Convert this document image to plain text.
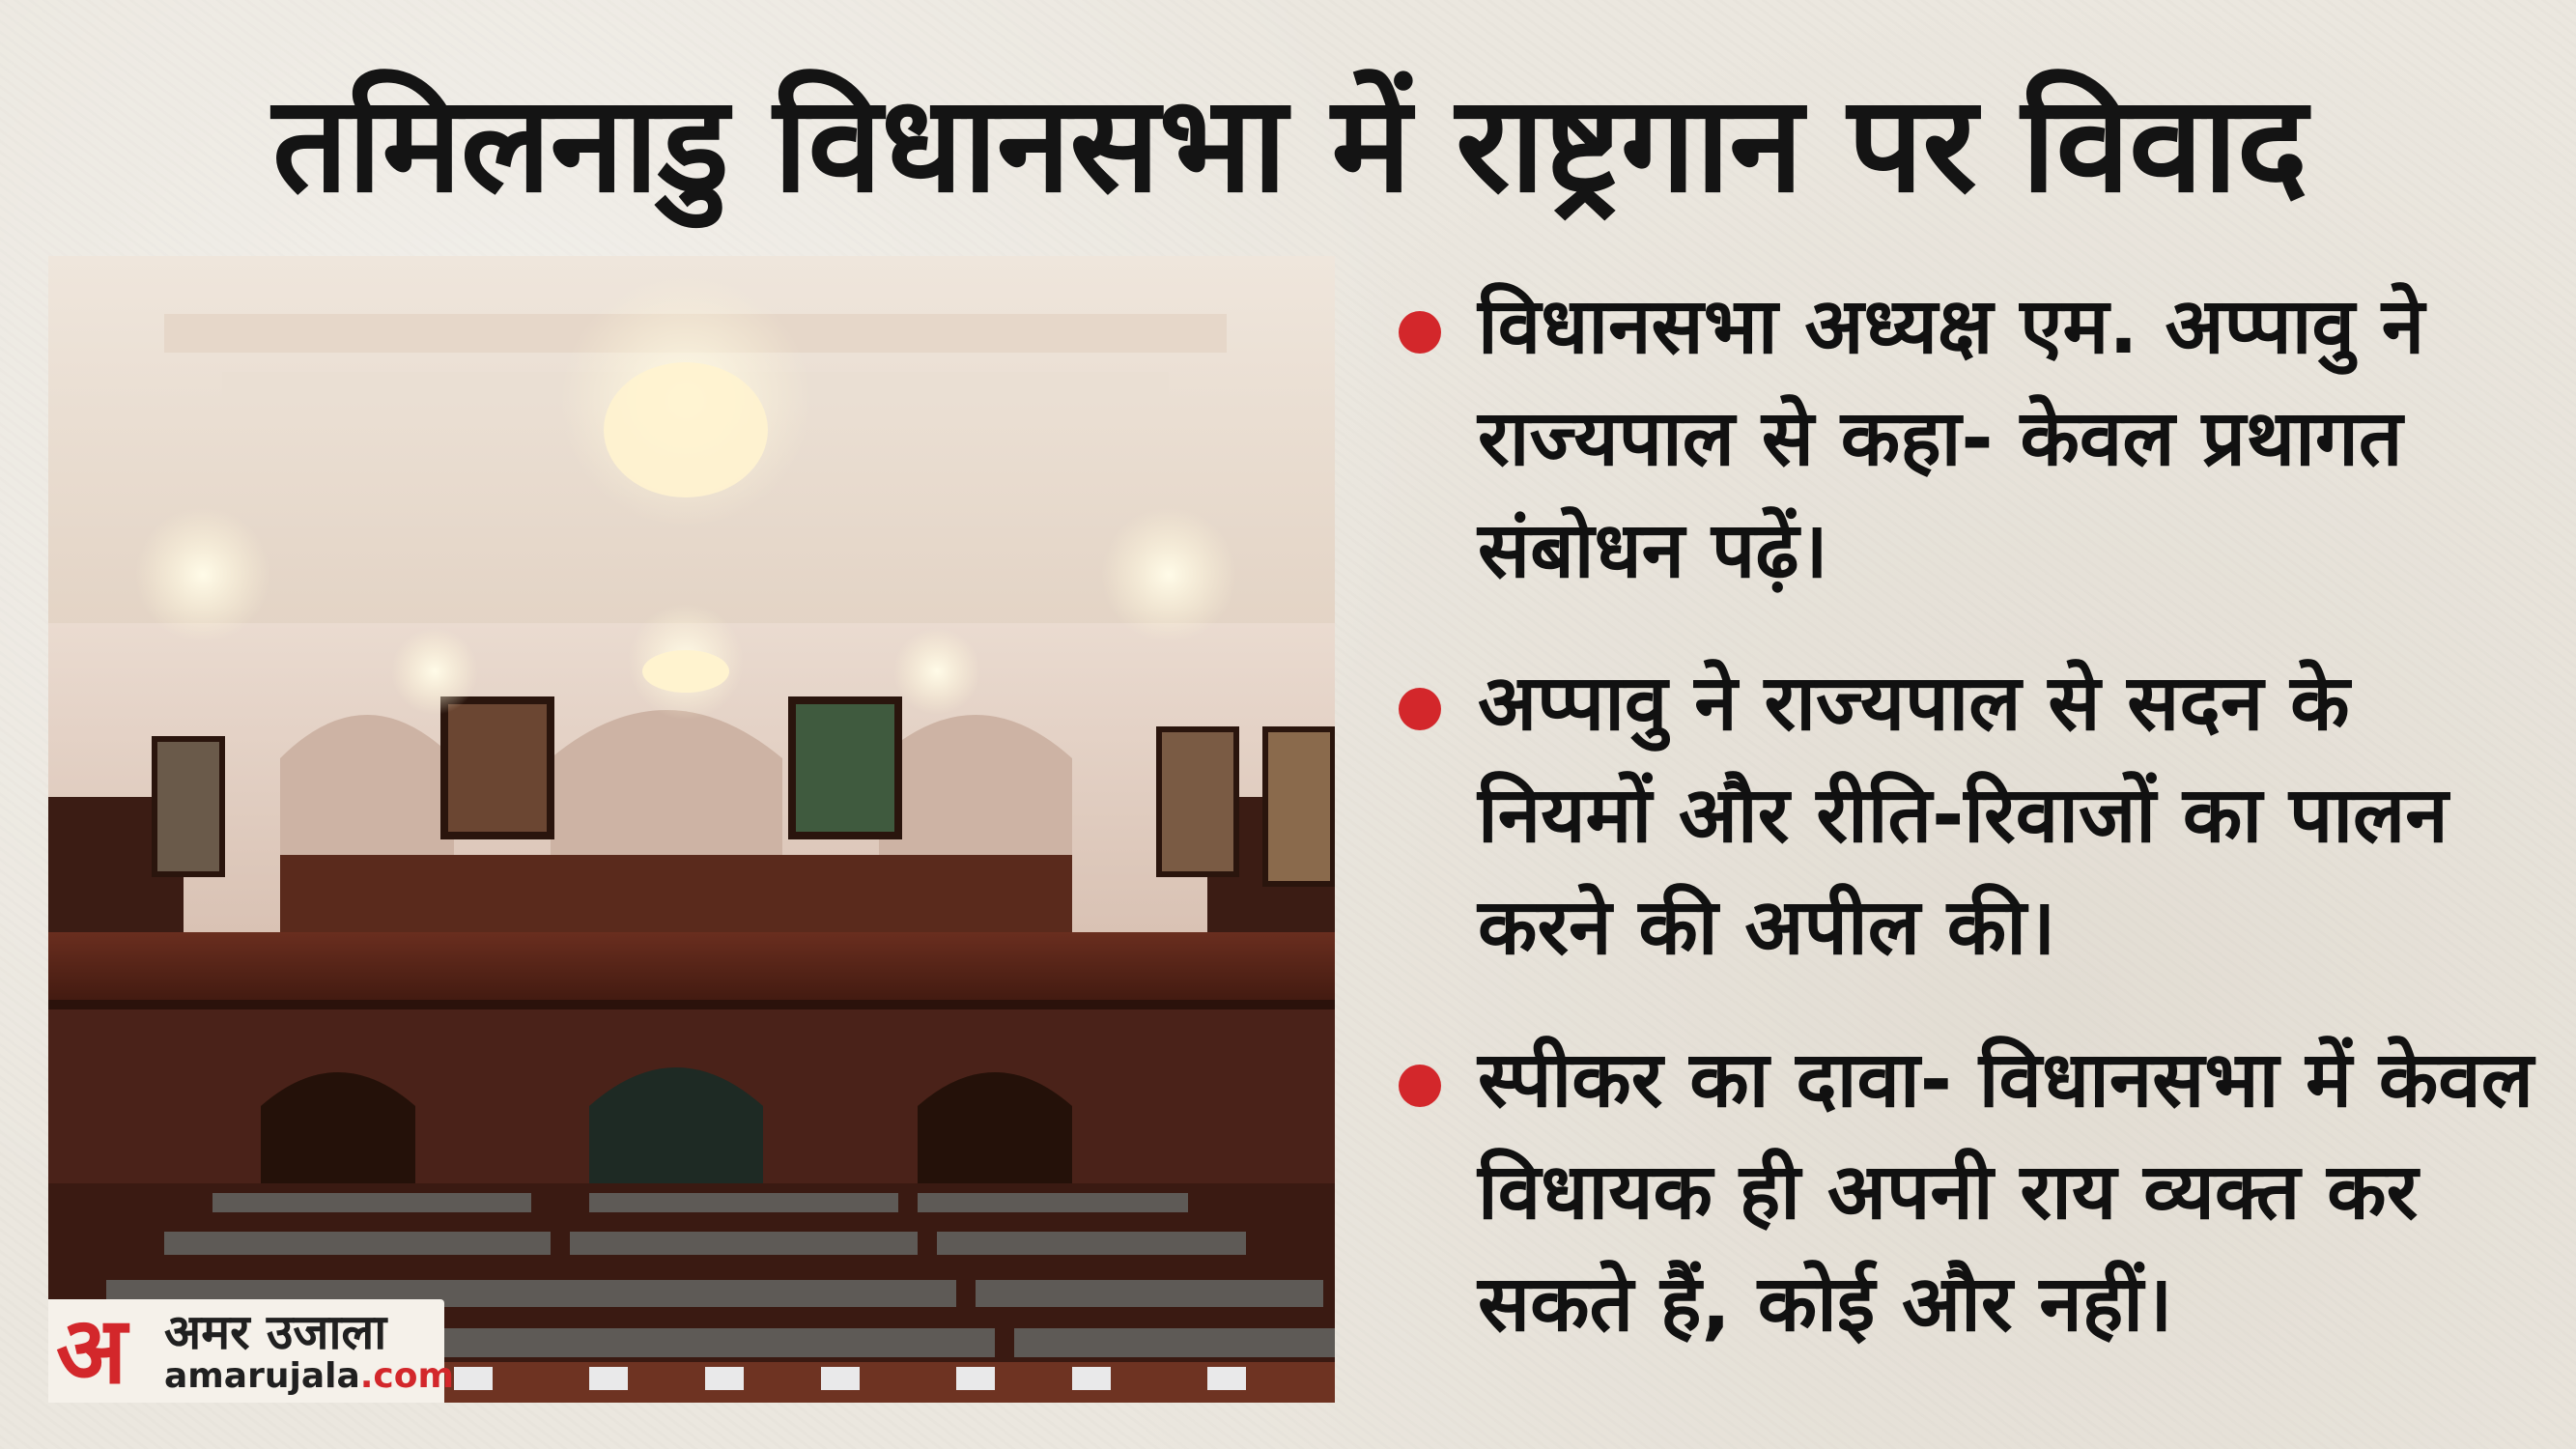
तमिलनाडु विधानसभा में राष्ट्रगान पर विवाद
अ अमर उजाला
amarujala.com
विधानसभा अध्यक्ष एम. अप्पावु ने राज्यपाल से कहा- केवल प्रथागत संबोधन पढ़ें।
अप्पावु ने राज्यपाल से सदन के नियमों और रीति-रिवाजों का पालन करने की अपील की।
स्पीकर का दावा- विधानसभा में केवल विधायक ही अपनी राय व्यक्त कर सकते हैं, कोई और नहीं।
